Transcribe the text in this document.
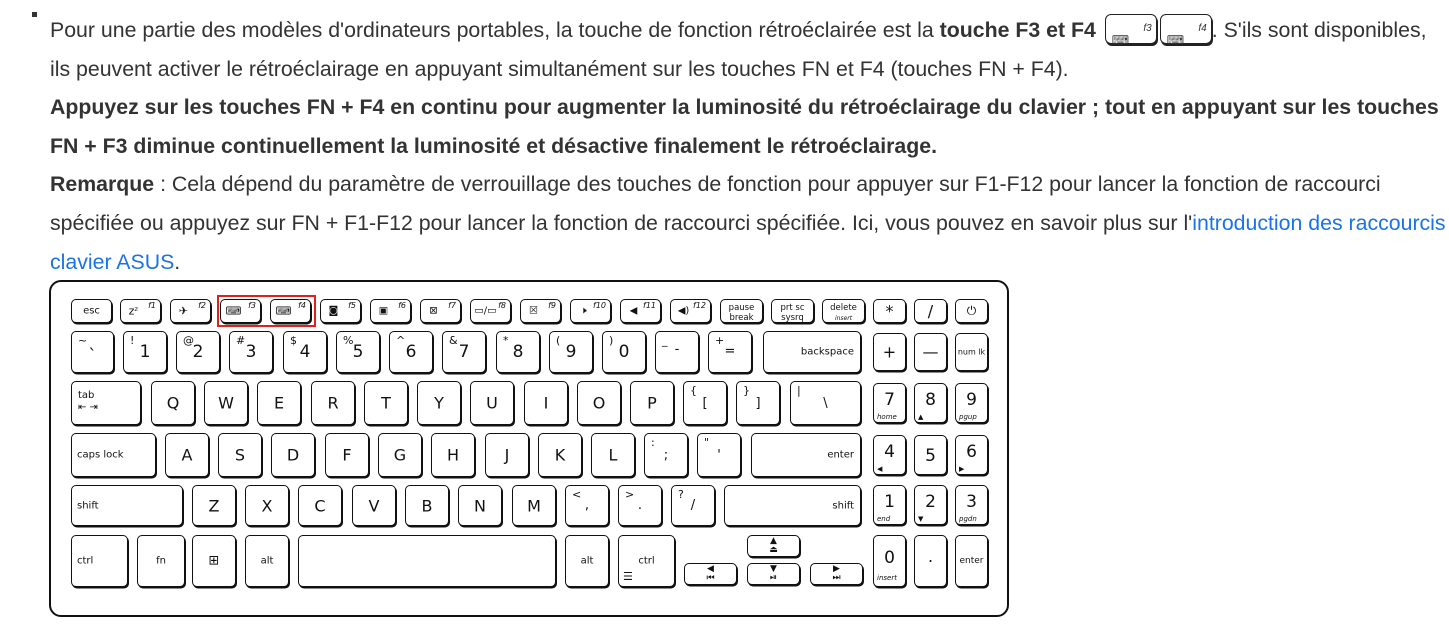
Pour une partie des modèles d'ordinateurs portables, la touche de fonction rétroéclairée est la touche F3 et F4 ⌨
f3
⌨
f4 . S'ils sont disponibles, ils peuvent activer le rétroéclairage en appuyant simultanément sur les touches FN et F4 (touches FN + F4).

Appuyez sur les touches FN + F4 en continu pour augmenter la luminosité du rétroéclairage du clavier ; tout en appuyant sur les touches FN + F3 diminue continuellement la luminosité et désactive finalement le rétroéclairage.

Remarque : Cela dépend du paramètre de verrouillage des touches de fonction pour appuyer sur F1-F12 pour lancer la fonction de raccourci spécifiée ou appuyez sur FN + F1-F12 pour lancer la fonction de raccourci spécifiée. Ici, vous pouvez en savoir plus sur l'introduction des raccourcis clavier ASUS.

esc	zᶻ	f1	✈	f2	⌨ f3	⌨ f4	◙	f5	▣	f6	⊠	f7	▭/▭ f8	☒	f9	🕨 f10	◀ f11	◀) f12	pause
break
prt sc
sysrq
delete
insert	*	/	⏻
~
`
!
1
@
2
#
3
$
4
%
5
^
6
&
7
*
8
(
9
)
0
_
-
+
=	backspace	+	—	num lk
tab
⇤ ⇥	Q	W	E	R	T	Y	U	I	O	P
{
[
}
]
|
\	7
home
8
▲
9
pgup
caps lock	A	S	D	F	G	H	J	K	L
:
;
"
'	enter	4
◀
5	6
▶
shift	Z	X	C	V	B	N	M
<
,
>
.
?
/	shift	1
end
2
▼
3
pgdn
ctrl	fn	⊞	alt	alt	ctrl
☰
◀
⏮
▲
⏏
▼
⏯
▶
⏭
0
insert
·	enter
